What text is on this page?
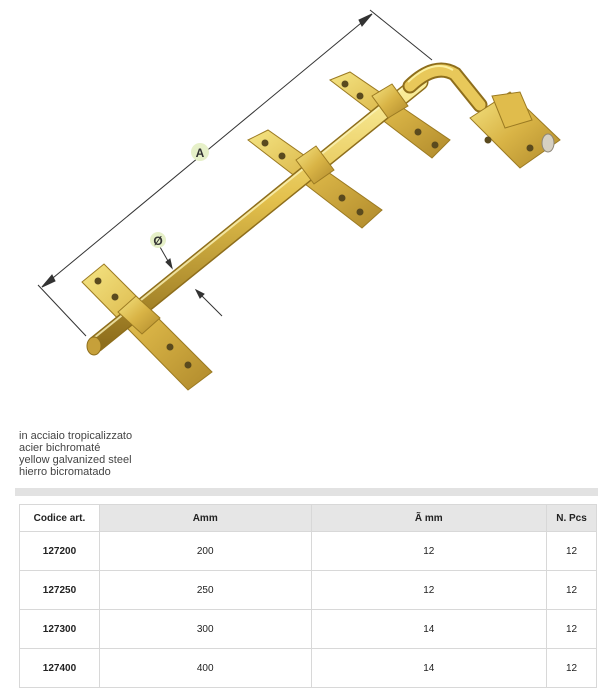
A
Ø
in acciaio tropicalizzato
acier bichromaté
yellow galvanized steel
hierro bicromatado
Codice art.	Amm	Ã mm	N. Pcs
127200	200	12	12
127250	250	12	12
127300	300	14	12
127400	400	14	12
